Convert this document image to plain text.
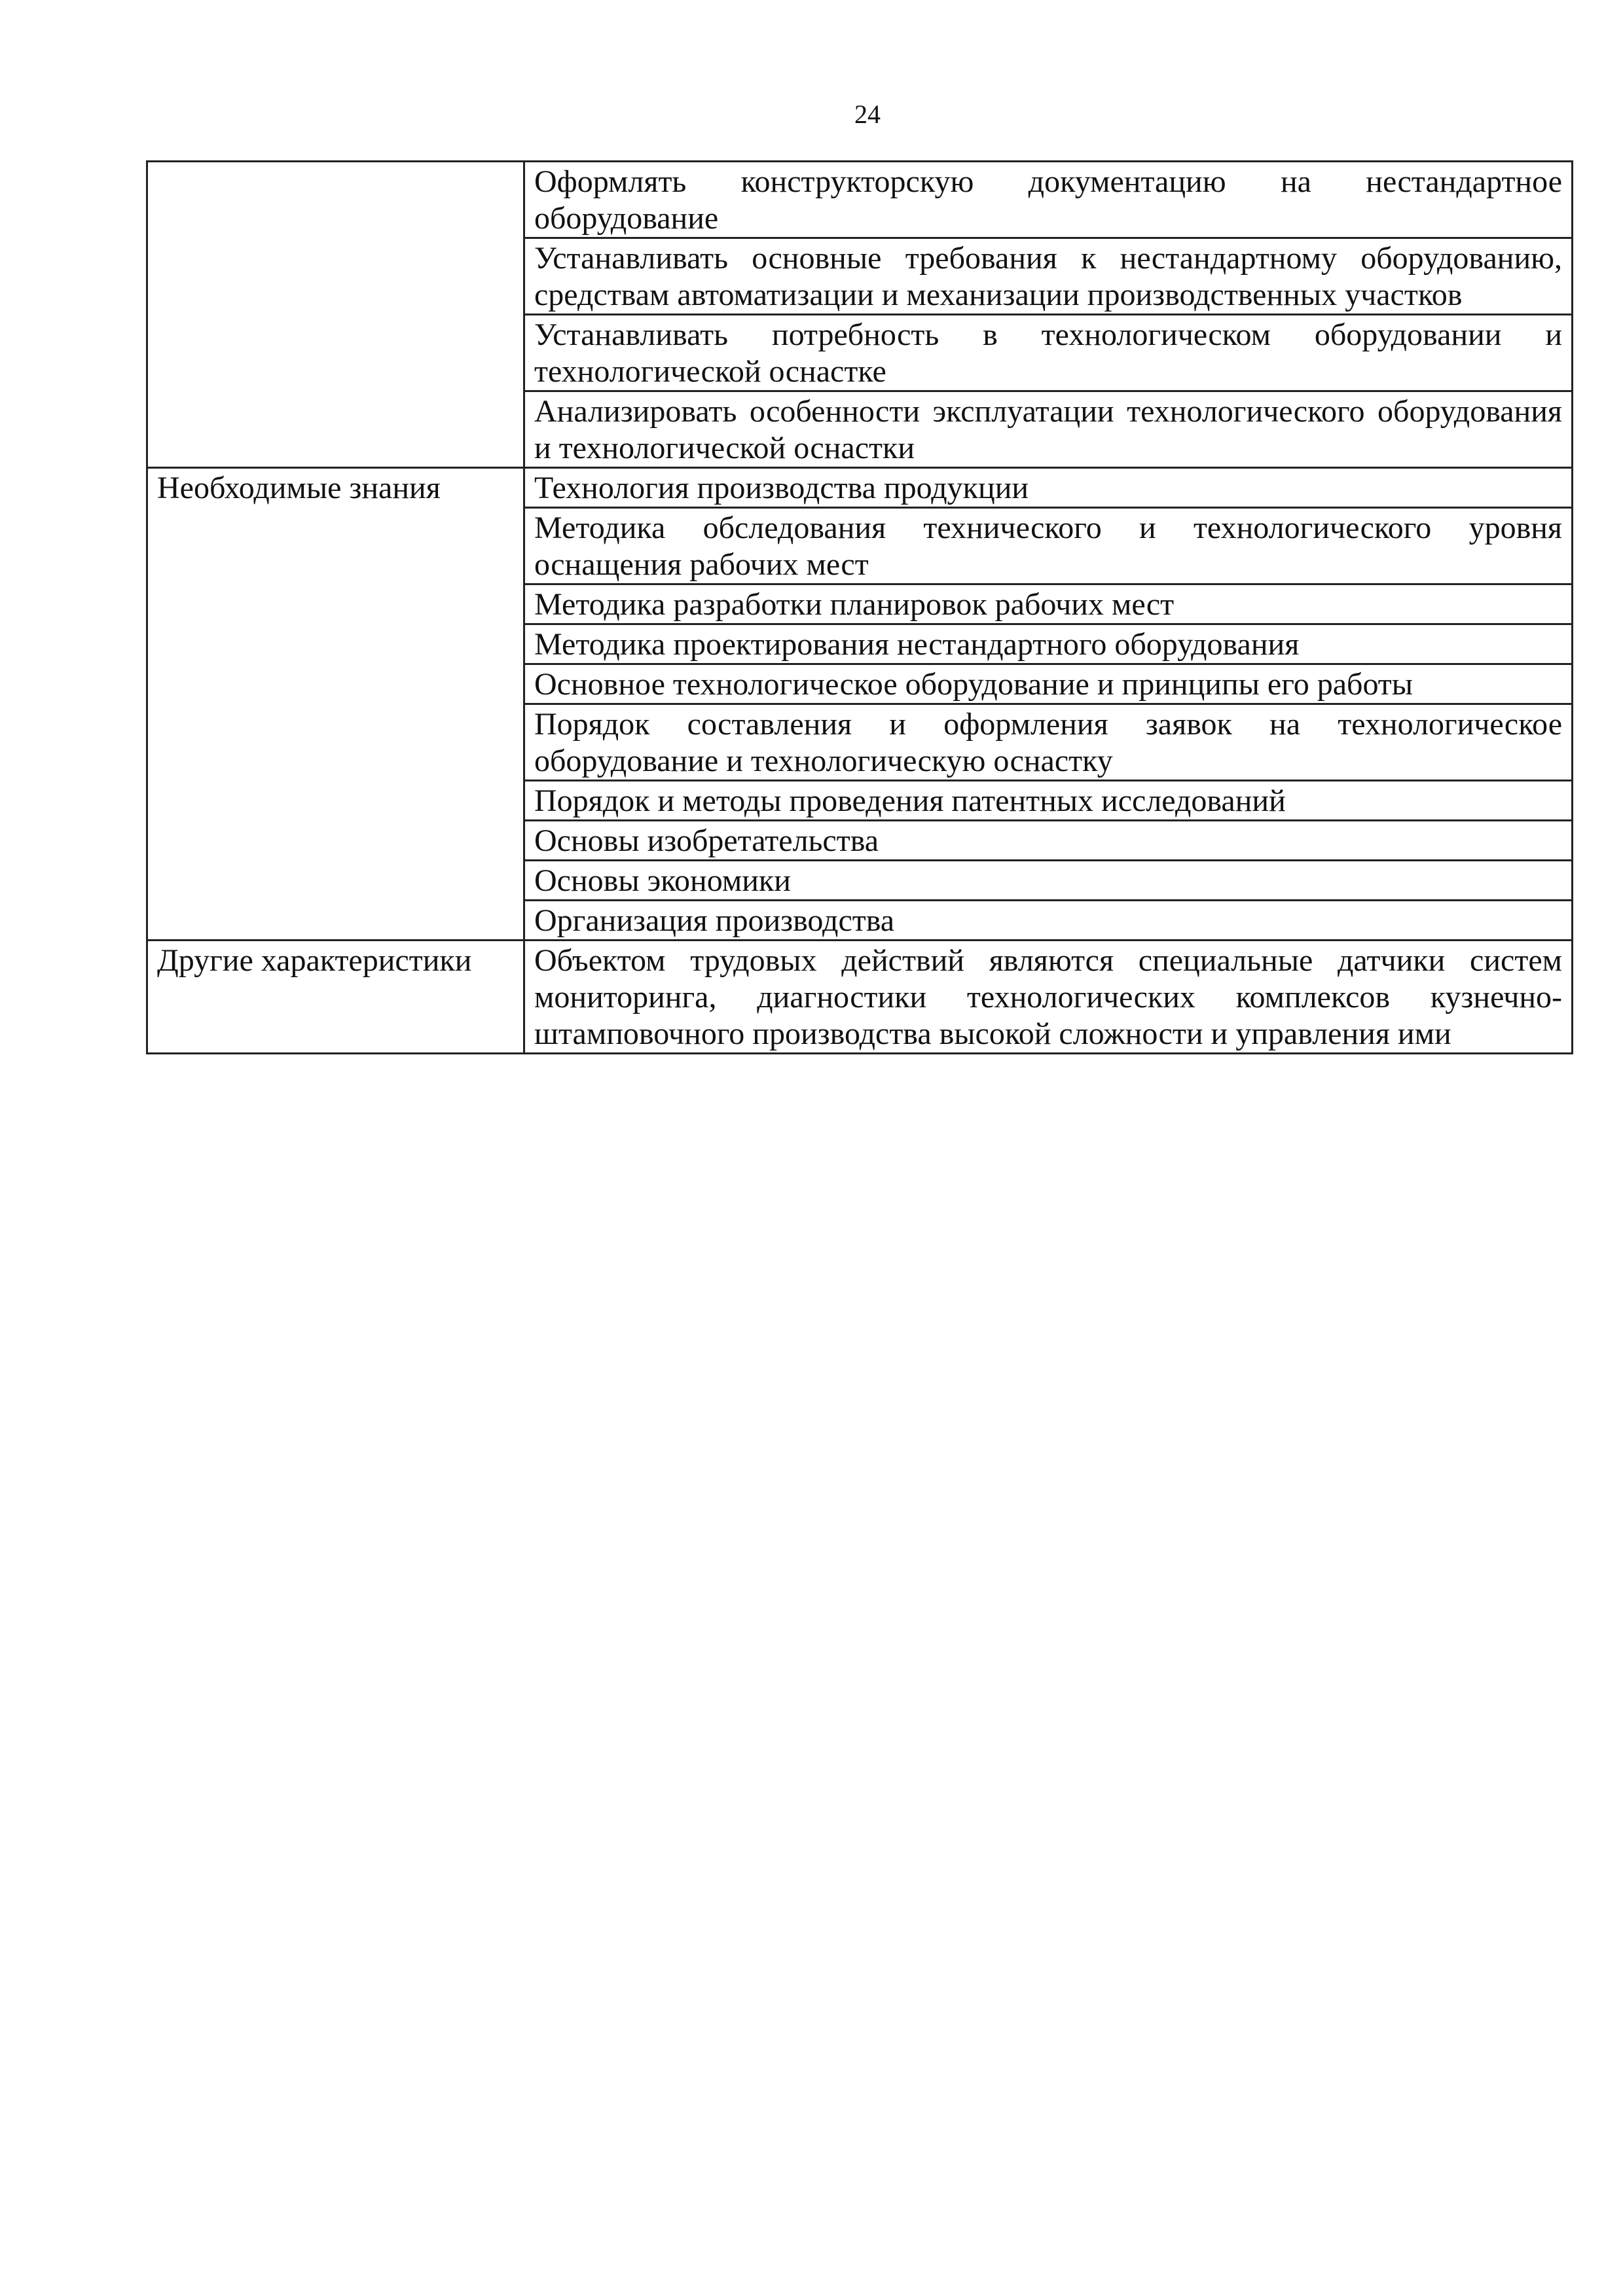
24
	Оформлять конструкторскую документацию на нестандартное оборудование
	Устанавливать основные требования к нестандартному оборудованию, средствам автоматизации и механизации производственных участков
	Устанавливать потребность в технологическом оборудовании и технологической оснастке
	Анализировать особенности эксплуатации технологического оборудования и технологической оснастки
Необходимые знания	Технология производства продукции
	Методика обследования технического и технологического уровня оснащения рабочих мест
	Методика разработки планировок рабочих мест
	Методика проектирования нестандартного оборудования
	Основное технологическое оборудование и принципы его работы
	Порядок составления и оформления заявок на технологическое оборудование и технологическую оснастку
	Порядок и методы проведения патентных исследований
	Основы изобретательства
	Основы экономики
	Организация производства
Другие характеристики	Объектом трудовых действий являются специальные датчики систем мониторинга, диагностики технологических комплексов кузнечно-штамповочного производства высокой сложности и управления ими
